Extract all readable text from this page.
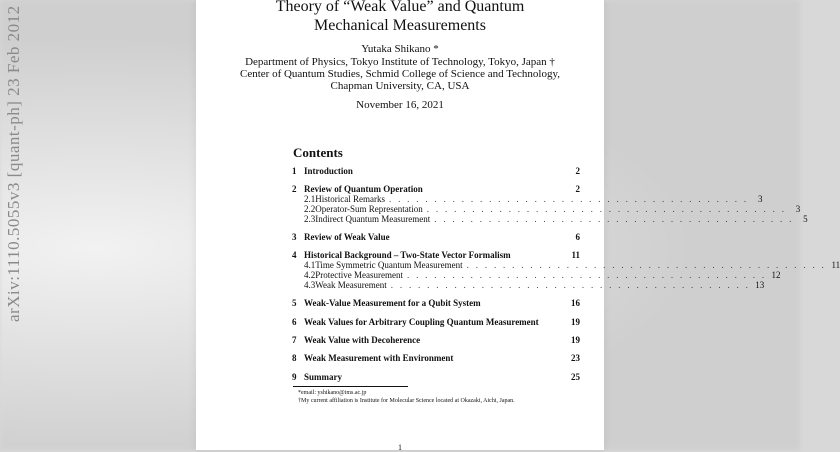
arXiv:1110.5055v3 [quant-ph] 23 Feb 2012	Theory of “Weak Value” and Quantum
Mechanical Measurements
Yutaka Shikano *
Department of Physics, Tokyo Institute of Technology, Tokyo, Japan †
Center of Quantum Studies, Schmid College of Science and Technology,
Chapman University, CA, USA
November 16, 2021
Contents
1 Introduction	2
2 Review of Quantum Operation	2
2.1 Historical Remarks . . . . . . . . . . . . . . . . . . . . . . . . . . . . . . . . . . . . . . . .	3
2.2 Operator-Sum Representation . . . . . . . . . . . . . . . . . . . . . . . . . . . . . . . . . . . . . . . .	3
2.3 Indirect Quantum Measurement . . . . . . . . . . . . . . . . . . . . . . . . . . . . . . . . . . . . . . . .	5
3 Review of Weak Value	6
4 Historical Background – Two-State Vector Formalism	11
4.1 Time Symmetric Quantum Measurement . . . . . . . . . . . . . . . . . . . . . . . . . . . . . . . . . . . . . . . . 11
4.2 Protective Measurement . . . . . . . . . . . . . . . . . . . . . . . . . . . . . . . . . . . . . . . . 12
4.3 Weak Measurement . . . . . . . . . . . . . . . . . . . . . . . . . . . . . . . . . . . . . . . . 13
5 Weak-Value Measurement for a Qubit System	16
6 Weak Values for Arbitrary Coupling Quantum Measurement	19
7 Weak Value with Decoherence	19
8 Weak Measurement with Environment	23
9 Summary	25
*email: yshikano@ims.ac.jp
†My current affiliation is Institute for Molecular Science located at Okazaki, Aichi, Japan.
1
